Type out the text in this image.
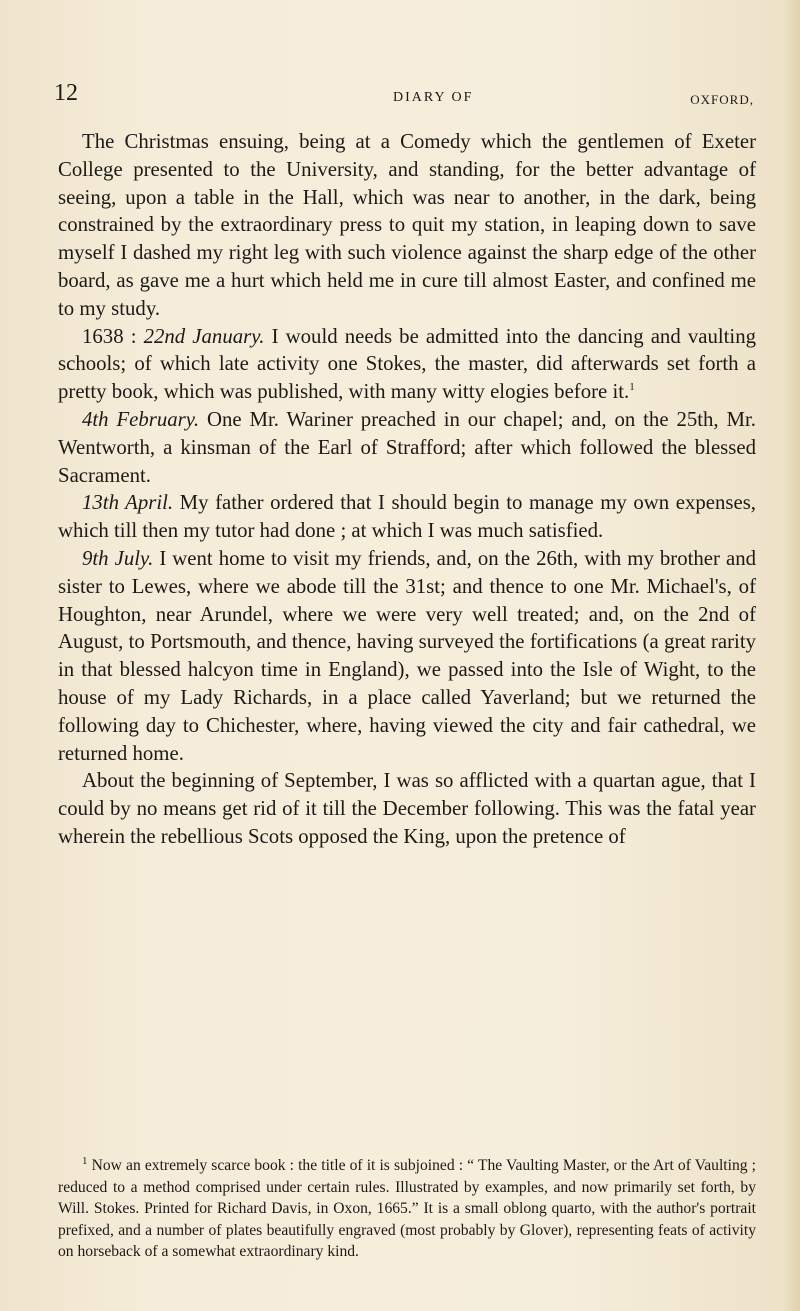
12	DIARY OF	OXFORD,

The Christmas ensuing, being at a Comedy which the gentlemen of Exeter College presented to the University, and standing, for the better advantage of seeing, upon a table in the Hall, which was near to another, in the dark, being constrained by the extraordinary press to quit my station, in leaping down to save myself I dashed my right leg with such violence against the sharp edge of the other board, as gave me a hurt which held me in cure till almost Easter, and confined me to my study.

1638 : 22nd January. I would needs be admitted into the dancing and vaulting schools; of which late activity one Stokes, the master, did afterwards set forth a pretty book, which was published, with many witty elogies before it.$^1$

4th February. One Mr. Wariner preached in our chapel; and, on the 25th, Mr. Wentworth, a kinsman of the Earl of Strafford; after which followed the blessed Sacrament.

13th April. My father ordered that I should begin to manage my own expenses, which till then my tutor had done ; at which I was much satisfied.

9th July. I went home to visit my friends, and, on the 26th, with my brother and sister to Lewes, where we abode till the 31st; and thence to one Mr. Michael's, of Houghton, near Arundel, where we were very well treated; and, on the 2nd of August, to Portsmouth, and thence, having surveyed the fortifications (a great rarity in that blessed halcyon time in England), we passed into the Isle of Wight, to the house of my Lady Richards, in a place called Yaverland; but we returned the following day to Chichester, where, having viewed the city and fair cathedral, we returned home.

About the beginning of September, I was so afflicted with a quartan ague, that I could by no means get rid of it till the December following. This was the fatal year wherein the rebellious Scots opposed the King, upon the pretence of

$^1$ Now an extremely scarce book : the title of it is subjoined : “ The Vaulting Master, or the Art of Vaulting ; reduced to a method comprised under certain rules. Illustrated by examples, and now primarily set forth, by Will. Stokes. Printed for Richard Davis, in Oxon, 1665.” It is a small oblong quarto, with the author's portrait prefixed, and a number of plates beautifully engraved (most probably by Glover), representing feats of activity on horseback of a somewhat extraordinary kind.
